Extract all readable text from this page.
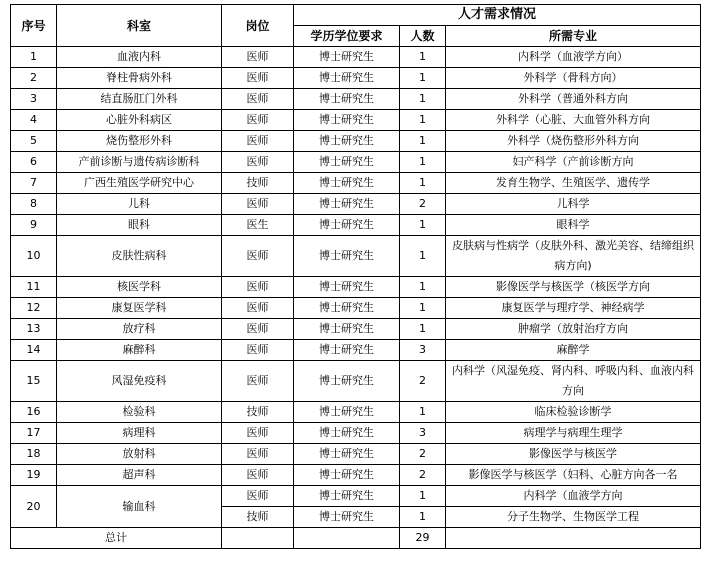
序号	科室	岗位	人才需求情况		
			学历学位要求	人数	所需专业
1	血液内科	医师	博士研究生	1	内科学（血液学方向）
2	脊柱骨病外科	医师	博士研究生	1	外科学（骨科方向）
3	结直肠肛门外科	医师	博士研究生	1	外科学（普通外科方向
4	心脏外科病区	医师	博士研究生	1	外科学（心脏、大血管外科方向
5	烧伤整形外科	医师	博士研究生	1	外科学（烧伤整形外科方向
6	产前诊断与遗传病诊断科	医师	博士研究生	1	妇产科学（产前诊断方向
7	广西生殖医学研究中心	技师	博士研究生	1	发育生物学、生殖医学、遗传学
8	儿科	医师	博士研究生	2	儿科学
9	眼科	医生	博士研究生	1	眼科学
10	皮肤性病科	医师	博士研究生	1	皮肤病与性病学（皮肤外科、激光美容、结缔组织病方向)
11	核医学科	医师	博士研究生	1	影像医学与核医学（核医学方向
12	康复医学科	医师	博士研究生	1	康复医学与理疗学、神经病学
13	放疗科	医师	博士研究生	1	肿瘤学（放射治疗方向
14	麻醉科	医师	博士研究生	3	麻醉学
15	风湿免疫科	医师	博士研究生	2	内科学（风湿免疫、肾内科、呼吸内科、血液内科方向
16	检验科	技师	博士研究生	1	临床检验诊断学
17	病理科	医师	博士研究生	3	病理学与病理生理学
18	放射科	医师	博士研究生	2	影像医学与核医学
19	超声科	医师	博士研究生	2	影像医学与核医学（妇科、心脏方向各一名
20	输血科	医师	博士研究生	1	内科学（血液学方向
		技师	博士研究生	1	分子生物学、生物医学工程
总计				29	
